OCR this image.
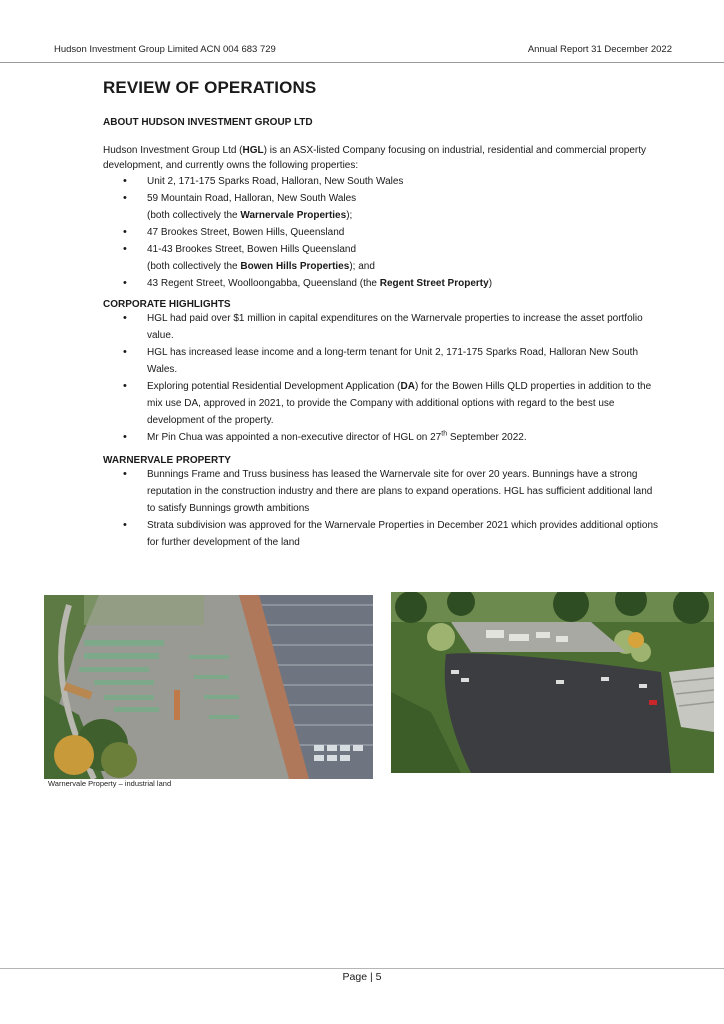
Hudson Investment Group Limited ACN 004 683 729	Annual Report 31 December 2022
REVIEW OF OPERATIONS

ABOUT HUDSON INVESTMENT GROUP LTD

Hudson Investment Group Ltd (HGL) is an ASX-listed Company focusing on industrial, residential and commercial property development, and currently owns the following properties:

• Unit 2, 171-175 Sparks Road, Halloran, New South Wales
• 59 Mountain Road, Halloran, New South Wales
(both collectively the Warnervale Properties);
• 47 Brookes Street, Bowen Hills, Queensland
• 41-43 Brookes Street, Bowen Hills Queensland
(both collectively the Bowen Hills Properties); and
• 43 Regent Street, Woolloongabba, Queensland (the Regent Street Property)

CORPORATE HIGHLIGHTS

• HGL had paid over $1 million in capital expenditures on the Warnervale properties to increase the asset portfolio value.
• HGL has increased lease income and a long-term tenant for Unit 2, 171-175 Sparks Road, Halloran New South Wales.
• Exploring potential Residential Development Application (DA) for the Bowen Hills QLD properties in addition to the mix use DA, approved in 2021, to provide the Company with additional options with regard to the best use development of the property.
• Mr Pin Chua was appointed a non-executive director of HGL on 27th September 2022.

WARNERVALE PROPERTY

• Bunnings Frame and Truss business has leased the Warnervale site for over 20 years. Bunnings have a strong reputation in the construction industry and there are plans to expand operations. HGL has sufficient additional land to satisfy Bunnings growth ambitions
• Strata subdivision was approved for the Warnervale Properties in December 2021 which provides additional options for further development of the land
Warnervale Property – industrial land
Page | 5
